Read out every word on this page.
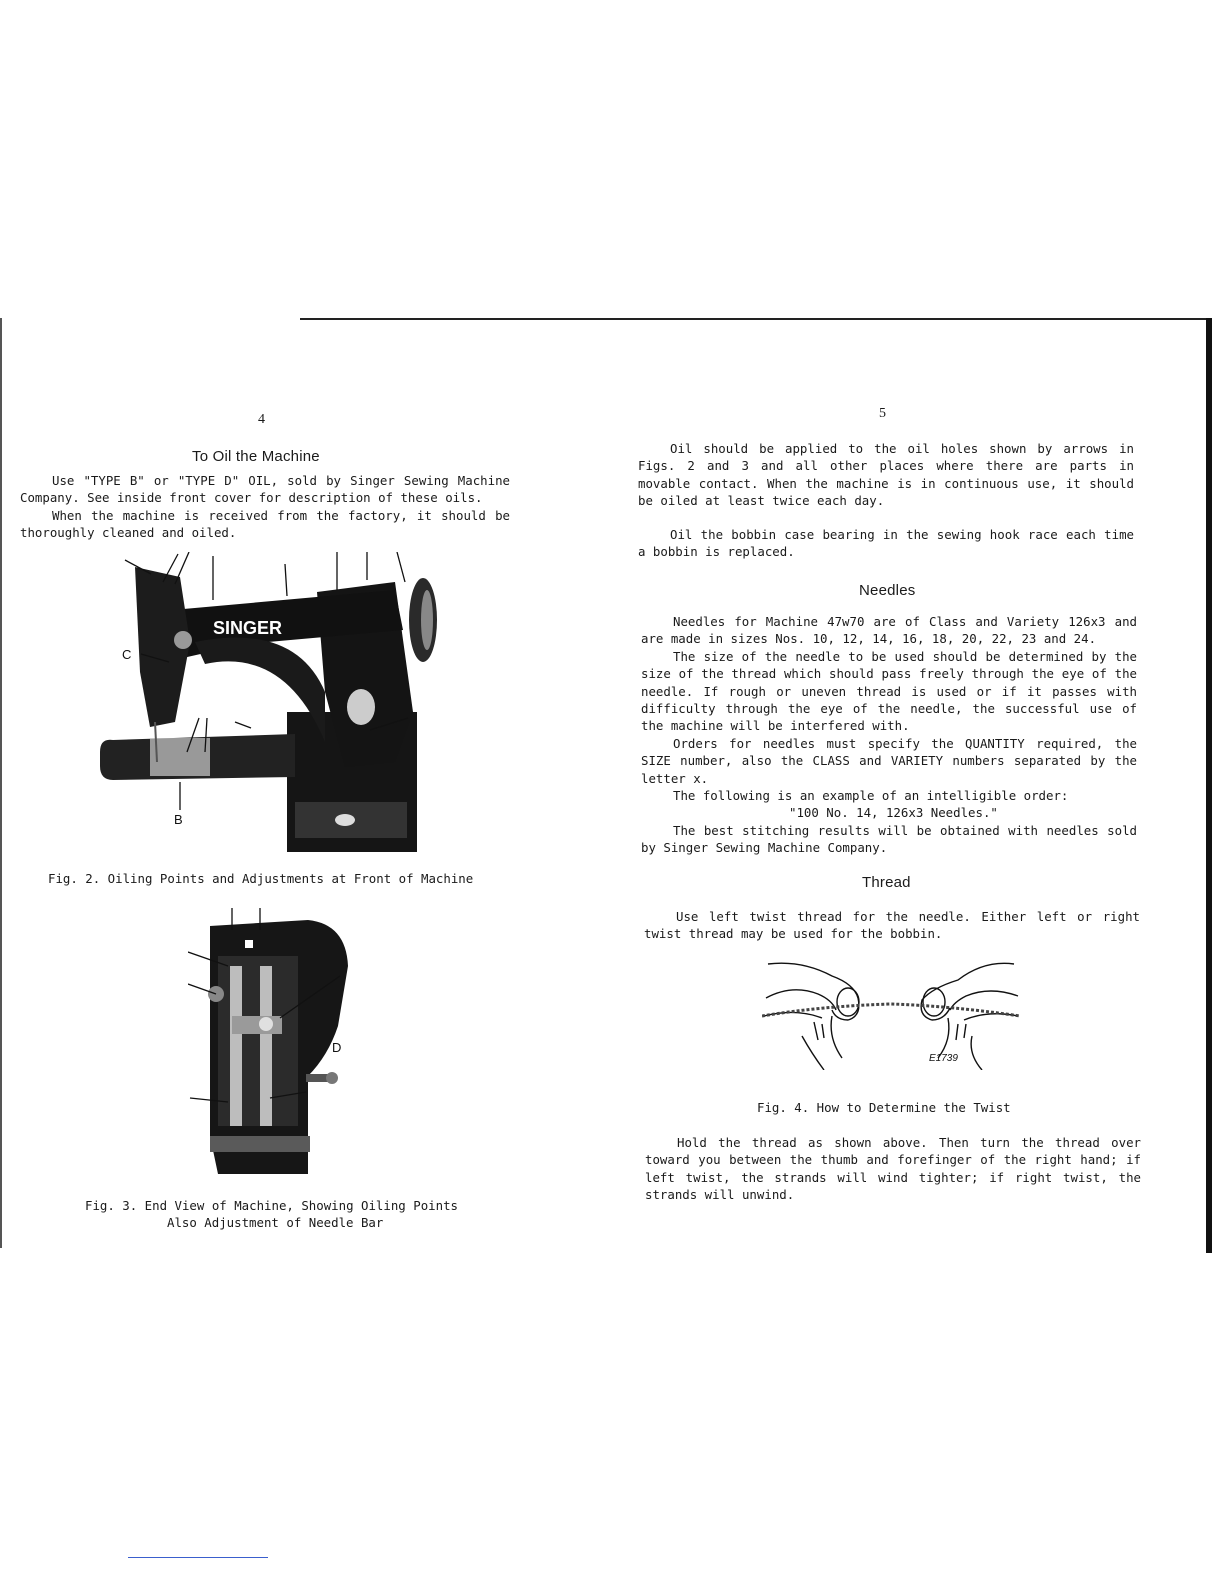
4
To Oil the Machine

Use "TYPE B" or "TYPE D" OIL, sold by Singer Sewing Machine Company. See inside front cover for description of these oils.

When the machine is received from the factory, it should be thoroughly cleaned and oiled.

SINGER
C
B
Fig. 2. Oiling Points and Adjustments at Front of Machine
D
Fig. 3. End View of Machine, Showing Oiling Points
Also Adjustment of Needle Bar
5

Oil should be applied to the oil holes shown by arrows in Figs. 2 and 3 and all other places where there are parts in movable contact. When the machine is in continuous use, it should be oiled at least twice each day.

Oil the bobbin case bearing in the sewing hook race each time a bobbin is replaced.

Needles

Needles for Machine 47w70 are of Class and Variety 126x3 and are made in sizes Nos. 10, 12, 14, 16, 18, 20, 22, 23 and 24.

The size of the needle to be used should be determined by the size of the thread which should pass freely through the eye of the needle. If rough or uneven thread is used or if it passes with difficulty through the eye of the needle, the successful use of the machine will be interfered with.

Orders for needles must specify the QUANTITY required, the SIZE number, also the CLASS and VARIETY numbers separated by the letter x.

The following is an example of an intelligible order:

"100 No. 14, 126x3 Needles."

The best stitching results will be obtained with needles sold by Singer Sewing Machine Company.

Thread

Use left twist thread for the needle. Either left or right twist thread may be used for the bobbin.

E1739
Fig. 4. How to Determine the Twist

Hold the thread as shown above. Then turn the thread over toward you between the thumb and forefinger of the right hand; if left twist, the strands will wind tighter; if right twist, the strands will unwind.
